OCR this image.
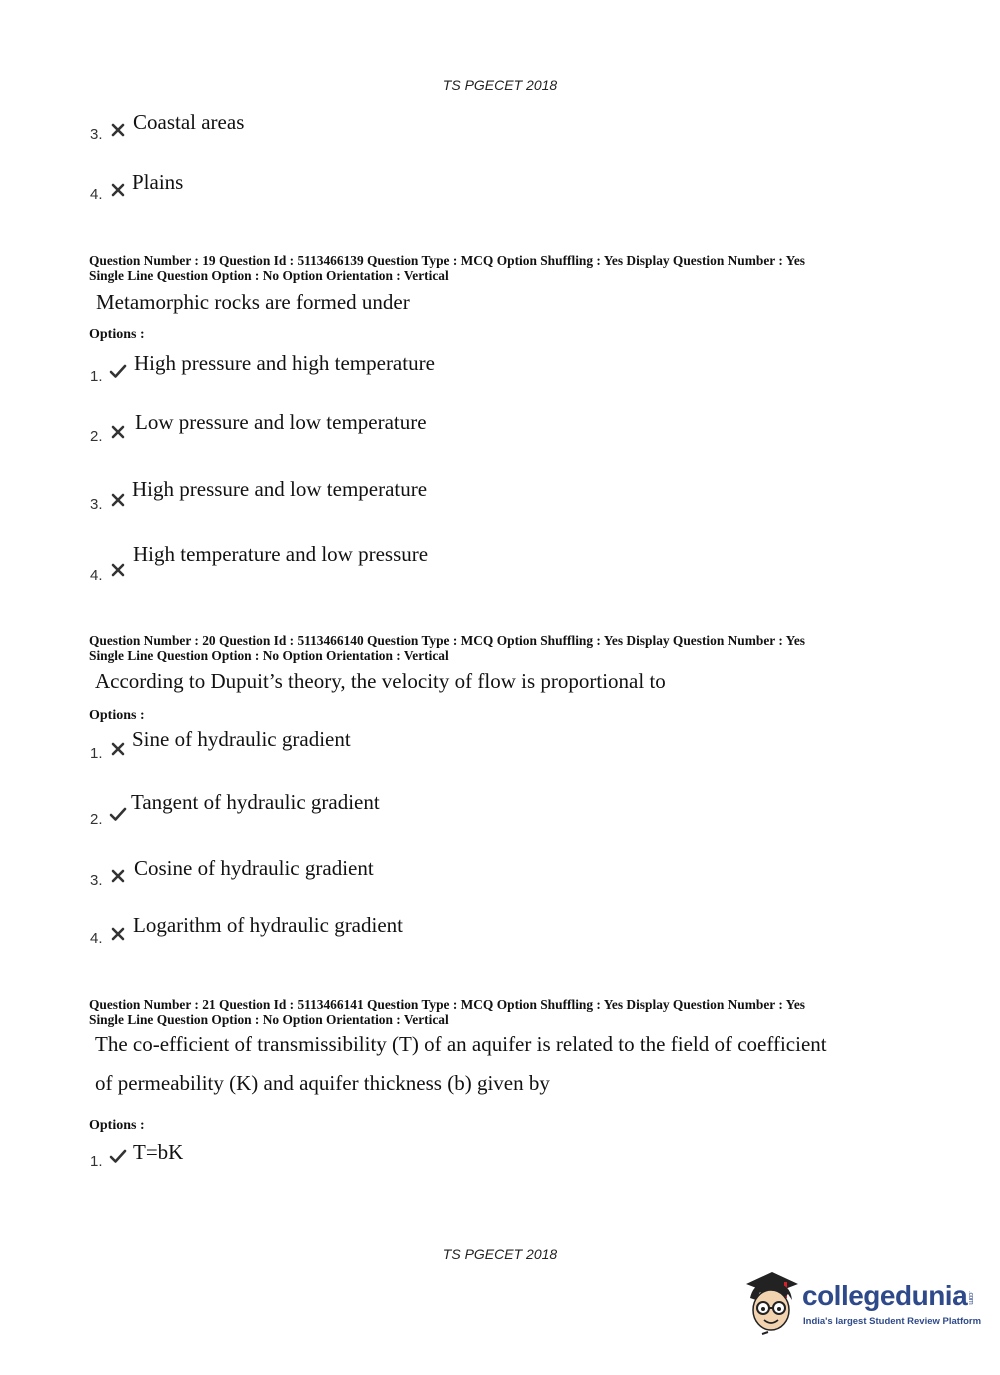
TS PGECET 2018
3.
Coastal areas
4.
Plains
Question Number : 19 Question Id : 5113466139 Question Type : MCQ Option Shuffling : Yes Display Question Number : Yes
Single Line Question Option : No Option Orientation : Vertical
Metamorphic rocks are formed under
Options :
1.
High pressure and high temperature
2.
Low pressure and low temperature
3.
High pressure and low temperature
4.
High temperature and low pressure
Question Number : 20 Question Id : 5113466140 Question Type : MCQ Option Shuffling : Yes Display Question Number : Yes
Single Line Question Option : No Option Orientation : Vertical
According to Dupuit’s theory, the velocity of flow is proportional to
Options :
1.
Sine of hydraulic gradient
2.
Tangent of hydraulic gradient
3.
Cosine of hydraulic gradient
4.
Logarithm of hydraulic gradient
Question Number : 21 Question Id : 5113466141 Question Type : MCQ Option Shuffling : Yes Display Question Number : Yes
Single Line Question Option : No Option Orientation : Vertical
The co-efficient of transmissibility (T) of an aquifer is related to the field of coefficient
of permeability (K) and aquifer thickness (b) given by
Options :
1. T=bK
TS PGECET 2018
collegedunia.com
India's largest Student Review Platform
